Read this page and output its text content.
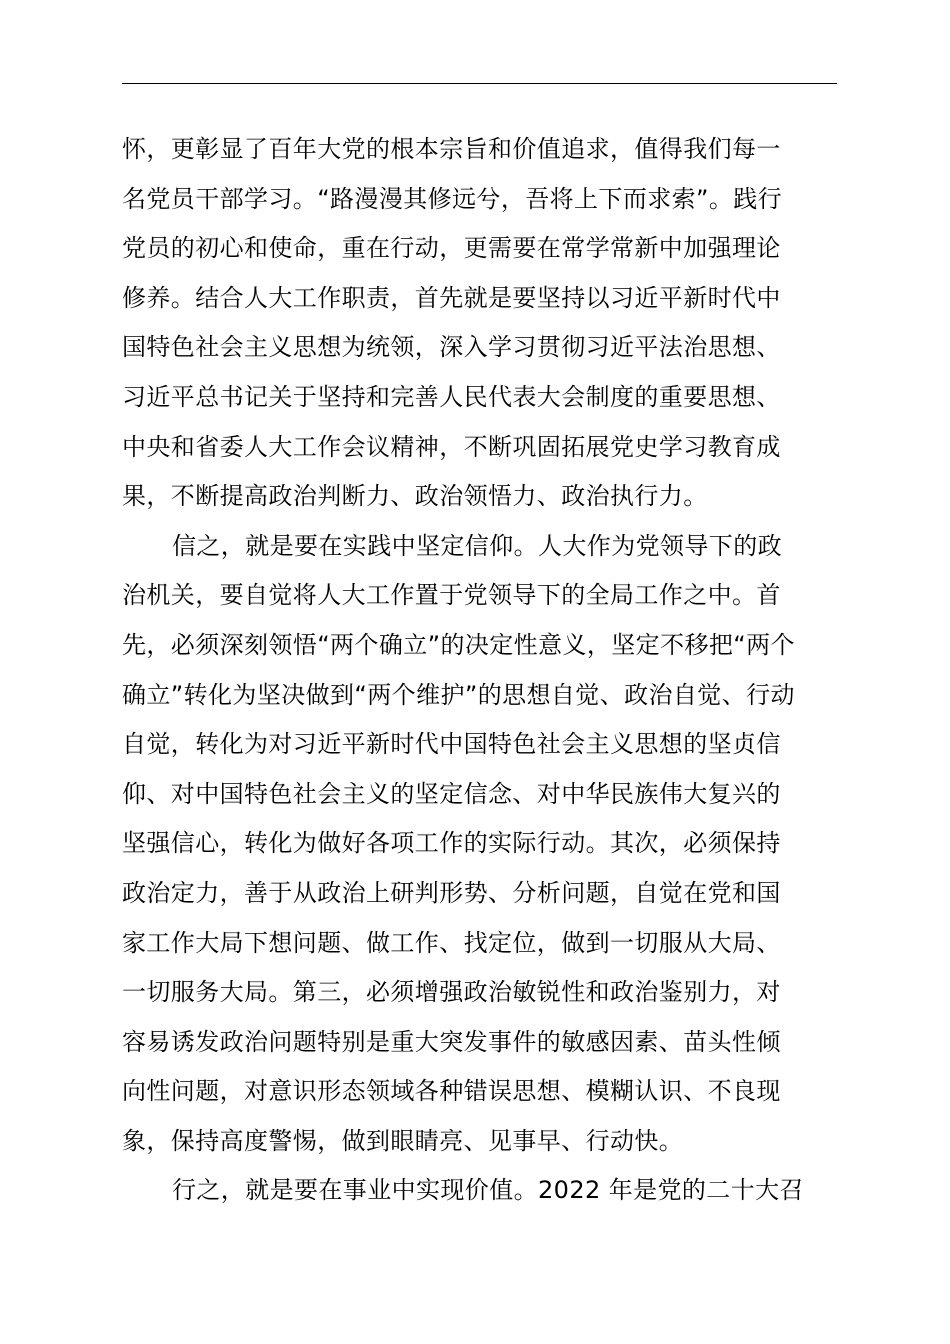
怀，更彰显了百年大党的根本宗旨和价值追求，值得我们每一
名党员干部学习。“路漫漫其修远兮，吾将上下而求索”。践行
党员的初心和使命，重在行动，更需要在常学常新中加强理论
修养。结合人大工作职责，首先就是要坚持以习近平新时代中
国特色社会主义思想为统领，深入学习贯彻习近平法治思想、
习近平总书记关于坚持和完善人民代表大会制度的重要思想、
中央和省委人大工作会议精神，不断巩固拓展党史学习教育成
果，不断提高政治判断力、政治领悟力、政治执行力。
信之，就是要在实践中坚定信仰。人大作为党领导下的政
治机关，要自觉将人大工作置于党领导下的全局工作之中。首
先，必须深刻领悟“两个确立”的决定性意义，坚定不移把“两个
确立”转化为坚决做到“两个维护”的思想自觉、政治自觉、行动
自觉，转化为对习近平新时代中国特色社会主义思想的坚贞信
仰、对中国特色社会主义的坚定信念、对中华民族伟大复兴的
坚强信心，转化为做好各项工作的实际行动。其次，必须保持
政治定力，善于从政治上研判形势、分析问题，自觉在党和国
家工作大局下想问题、做工作、找定位，做到一切服从大局、
一切服务大局。第三，必须增强政治敏锐性和政治鉴别力，对
容易诱发政治问题特别是重大突发事件的敏感因素、苗头性倾
向性问题，对意识形态领域各种错误思想、模糊认识、不良现
象，保持高度警惕，做到眼睛亮、见事早、行动快。
行之，就是要在事业中实现价值。2022 年是党的二十大召
